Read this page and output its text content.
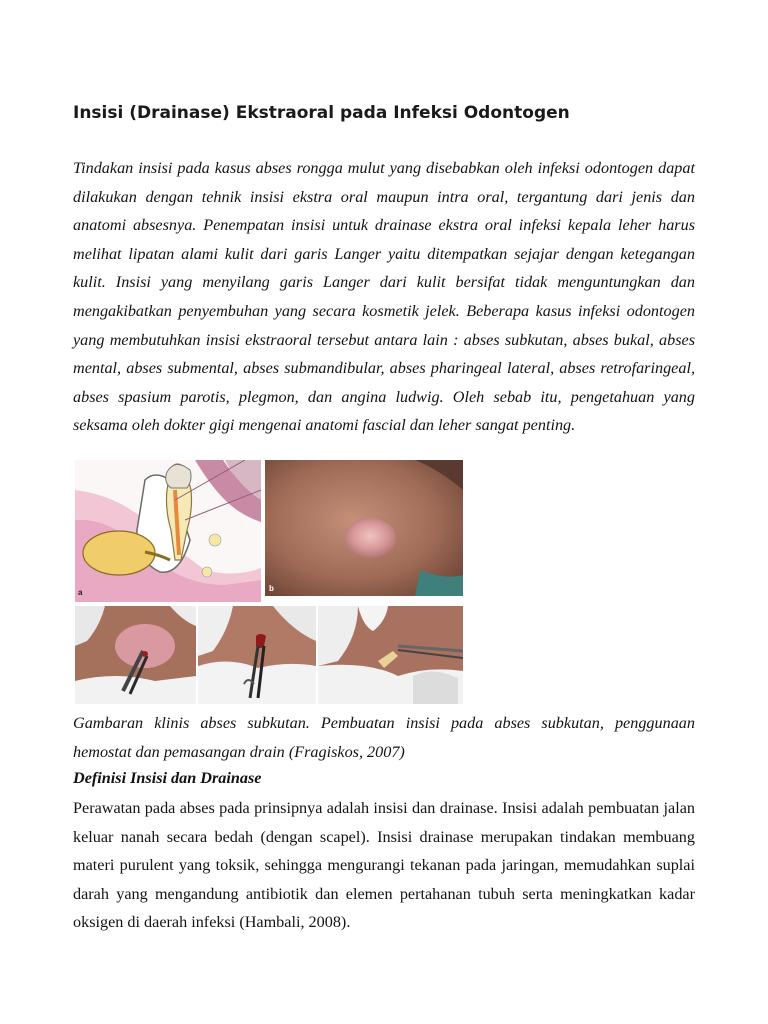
Insisi (Drainase) Ekstraoral pada Infeksi Odontogen

Tindakan insisi pada kasus abses rongga mulut yang disebabkan oleh infeksi odontogen dapat dilakukan dengan tehnik insisi ekstra oral maupun intra oral, tergantung dari jenis dan anatomi absesnya. Penempatan insisi untuk drainase ekstra oral infeksi kepala leher harus melihat lipatan alami kulit dari garis Langer yaitu ditempatkan sejajar dengan ketegangan kulit. Insisi yang menyilang garis Langer dari kulit bersifat tidak menguntungkan dan mengakibatkan penyembuhan yang secara kosmetik jelek. Beberapa kasus infeksi odontogen yang membutuhkan insisi ekstraoral tersebut antara lain : abses subkutan, abses bukal, abses mental, abses submental, abses submandibular, abses pharingeal lateral, abses retrofaringeal, abses spasium parotis, plegmon, dan angina ludwig. Oleh sebab itu, pengetahuan yang seksama oleh dokter gigi mengenai anatomi fascial dan leher sangat penting.

a	b

Gambaran klinis abses subkutan. Pembuatan insisi pada abses subkutan, penggunaan
hemostat dan pemasangan drain (Fragiskos, 2007)

Definisi Insisi dan Drainase

Perawatan pada abses pada prinsipnya adalah insisi dan drainase. Insisi adalah pembuatan jalan keluar nanah secara bedah (dengan scapel). Insisi drainase merupakan tindakan membuang materi purulent yang toksik, sehingga mengurangi tekanan pada jaringan, memudahkan suplai darah yang mengandung antibiotik dan elemen pertahanan tubuh serta meningkatkan kadar oksigen di daerah infeksi (Hambali, 2008).
